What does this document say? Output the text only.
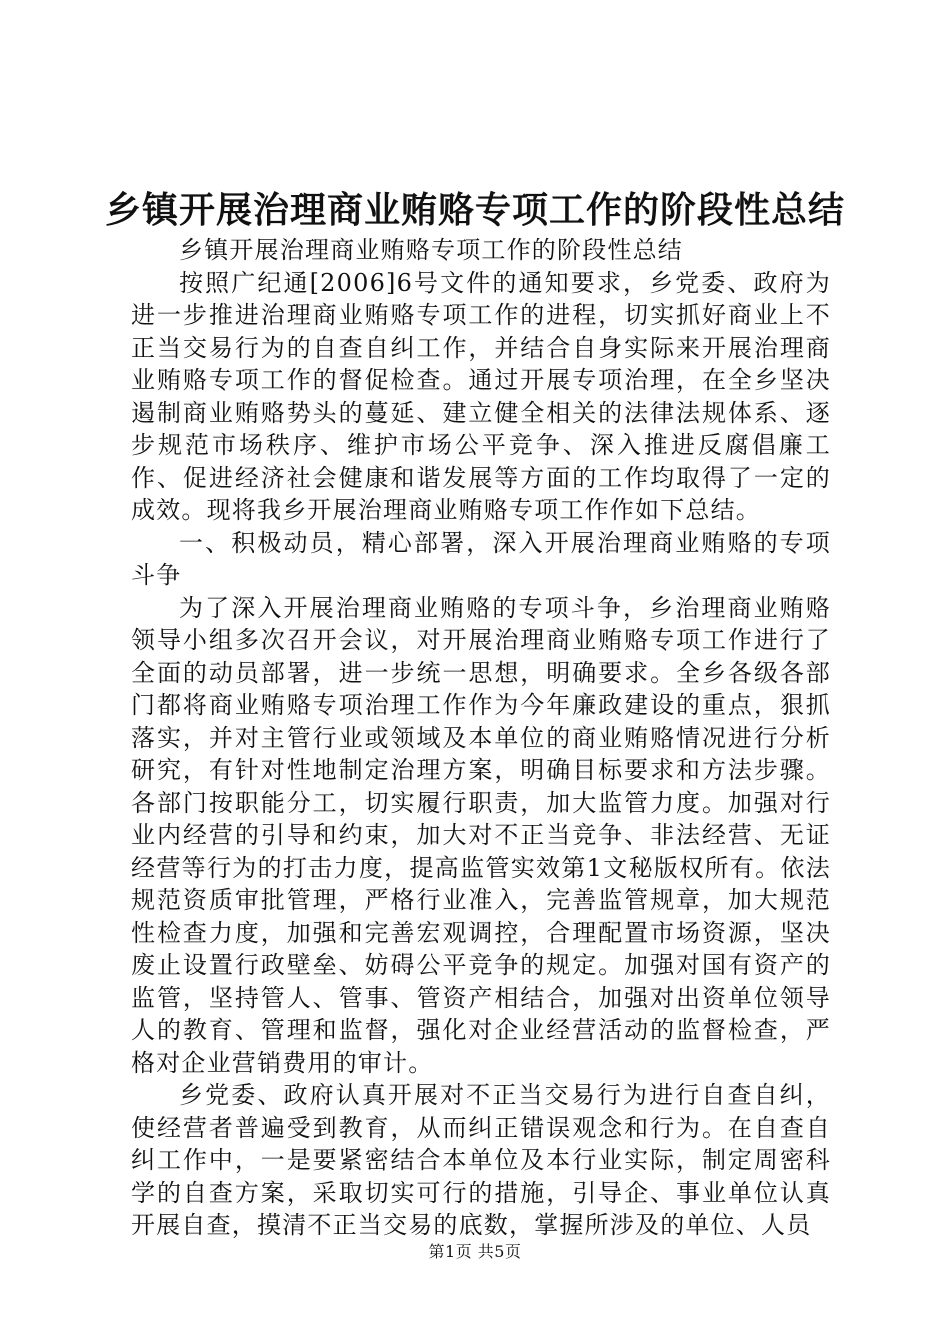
乡镇开展治理商业贿赂专项工作的阶段性总结

乡镇开展治理商业贿赂专项工作的阶段性总结

按照广纪通[2006]6号文件的通知要求，乡党委、政府为进一步推进治理商业贿赂专项工作的进程，切实抓好商业上不正当交易行为的自查自纠工作，并结合自身实际来开展治理商业贿赂专项工作的督促检查。通过开展专项治理，在全乡坚决遏制商业贿赂势头的蔓延、建立健全相关的法律法规体系、逐步规范市场秩序、维护市场公平竞争、深入推进反腐倡廉工作、促进经济社会健康和谐发展等方面的工作均取得了一定的成效。现将我乡开展治理商业贿赂专项工作作如下总结。

一、积极动员，精心部署，深入开展治理商业贿赂的专项斗争

为了深入开展治理商业贿赂的专项斗争，乡治理商业贿赂领导小组多次召开会议，对开展治理商业贿赂专项工作进行了全面的动员部署，进一步统一思想，明确要求。全乡各级各部门都将商业贿赂专项治理工作作为今年廉政建设的重点，狠抓落实，并对主管行业或领域及本单位的商业贿赂情况进行分析研究，有针对性地制定治理方案，明确目标要求和方法步骤。各部门按职能分工，切实履行职责，加大监管力度。加强对行业内经营的引导和约束，加大对不正当竞争、非法经营、无证经营等行为的打击力度，提高监管实效第1文秘版权所有。依法规范资质审批管理，严格行业准入，完善监管规章，加大规范性检查力度，加强和完善宏观调控，合理配置市场资源，坚决废止设置行政壁垒、妨碍公平竞争的规定。加强对国有资产的监管，坚持管人、管事、管资产相结合，加强对出资单位领导人的教育、管理和监督，强化对企业经营活动的监督检查，严格对企业营销费用的审计。

乡党委、政府认真开展对不正当交易行为进行自查自纠，使经营者普遍受到教育，从而纠正错误观念和行为。在自查自纠工作中，一是要紧密结合本单位及本行业实际，制定周密科学的自查方案，采取切实可行的措施，引导企、事业单位认真开展自查，摸清不正当交易的底数，掌握所涉及的单位、人员

第1页 共5页
